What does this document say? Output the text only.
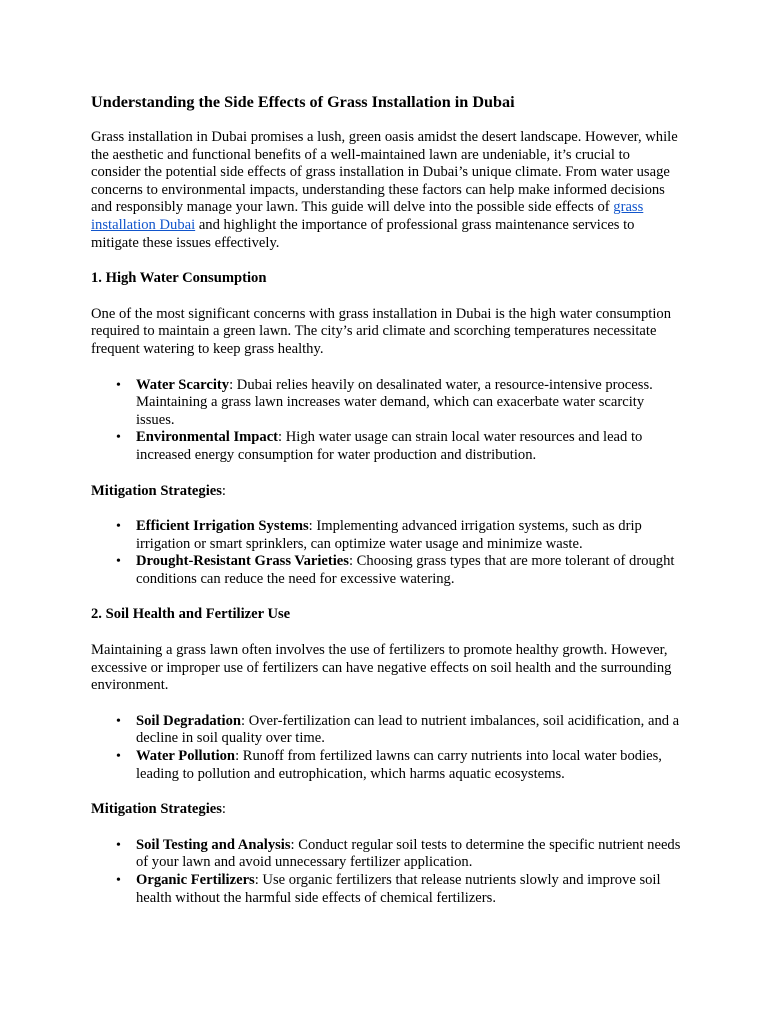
Understanding the Side Effects of Grass Installation in Dubai

Grass installation in Dubai promises a lush, green oasis amidst the desert landscape. However, while the aesthetic and functional benefits of a well-maintained lawn are undeniable, it’s crucial to consider the potential side effects of grass installation in Dubai’s unique climate. From water usage concerns to environmental impacts, understanding these factors can help make informed decisions and responsibly manage your lawn. This guide will delve into the possible side effects of grass installation Dubai and highlight the importance of professional grass maintenance services to mitigate these issues effectively.

1. High Water Consumption

One of the most significant concerns with grass installation in Dubai is the high water consumption required to maintain a green lawn. The city’s arid climate and scorching temperatures necessitate frequent watering to keep grass healthy.

• Water Scarcity: Dubai relies heavily on desalinated water, a resource-intensive process. Maintaining a grass lawn increases water demand, which can exacerbate water scarcity issues.
• Environmental Impact: High water usage can strain local water resources and lead to increased energy consumption for water production and distribution.
Mitigation Strategies:
• Efficient Irrigation Systems: Implementing advanced irrigation systems, such as drip irrigation or smart sprinklers, can optimize water usage and minimize waste.
• Drought-Resistant Grass Varieties: Choosing grass types that are more tolerant of drought conditions can reduce the need for excessive watering.
2. Soil Health and Fertilizer Use

Maintaining a grass lawn often involves the use of fertilizers to promote healthy growth. However, excessive or improper use of fertilizers can have negative effects on soil health and the surrounding environment.

• Soil Degradation: Over-fertilization can lead to nutrient imbalances, soil acidification, and a decline in soil quality over time.
• Water Pollution: Runoff from fertilized lawns can carry nutrients into local water bodies, leading to pollution and eutrophication, which harms aquatic ecosystems.
Mitigation Strategies:
• Soil Testing and Analysis: Conduct regular soil tests to determine the specific nutrient needs of your lawn and avoid unnecessary fertilizer application.
• Organic Fertilizers: Use organic fertilizers that release nutrients slowly and improve soil health without the harmful side effects of chemical fertilizers.
